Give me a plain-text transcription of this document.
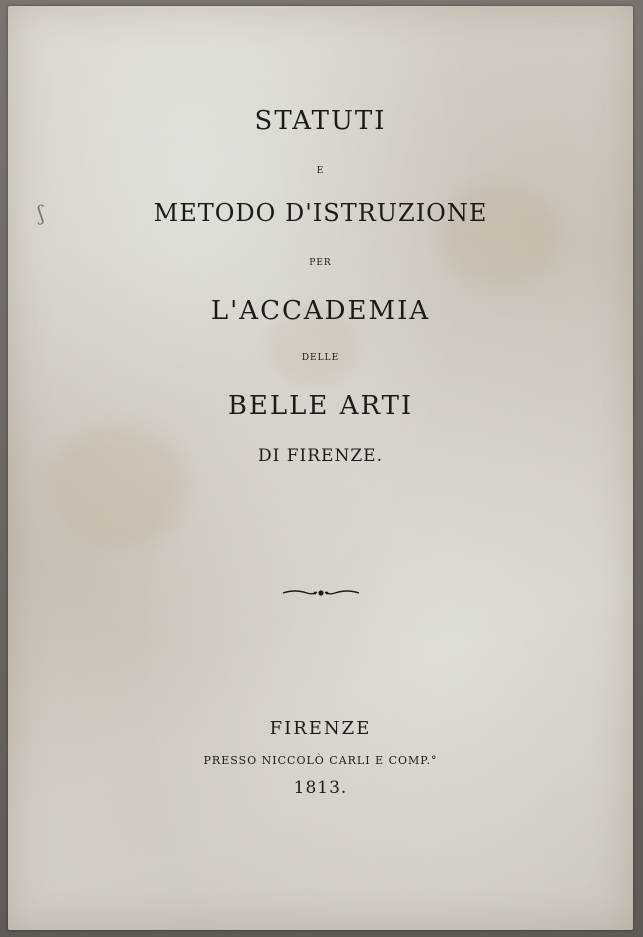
ʃ
STATUTI
E
METODO D'ISTRUZIONE
PER
L'ACCADEMIA
DELLE
BELLE ARTI
DI FIRENZE.
FIRENZE
PRESSO NICCOLÒ CARLI E COMP.°
1813.
